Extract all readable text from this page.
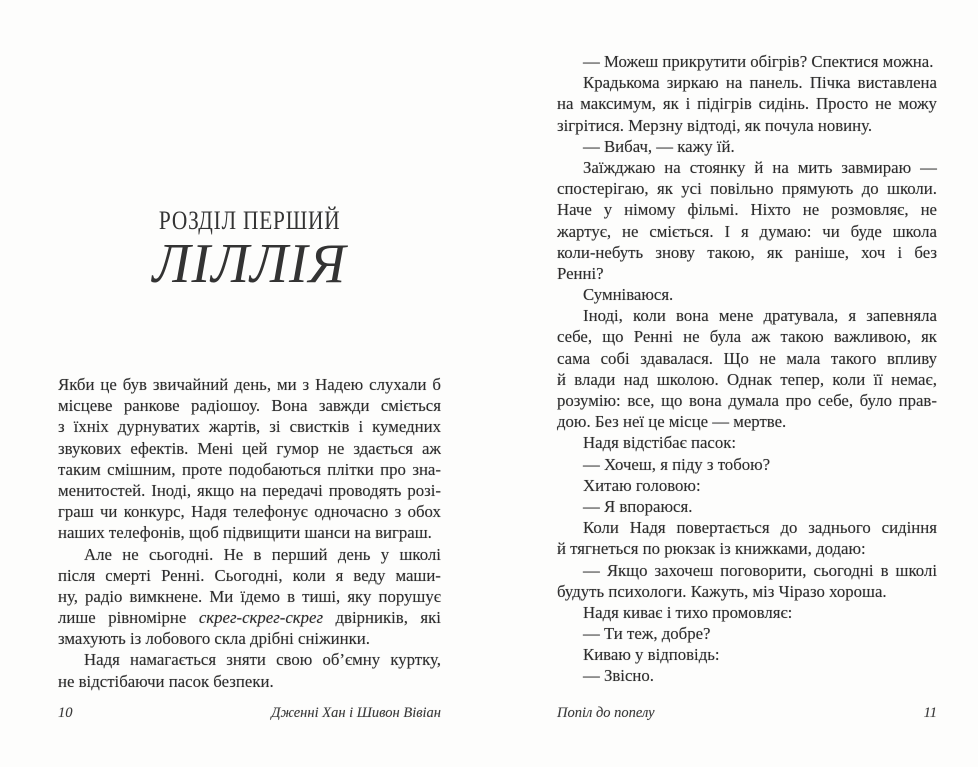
РОЗДІЛ ПЕРШИЙ
ЛІЛЛІЯ
Якби це був звичайний день, ми з Надею слухали б
місцеве ранкове радіошоу. Вона завжди сміється
з їхніх дурнуватих жартів, зі свистків і кумедних
звукових ефектів. Мені цей гумор не здається аж
таким смішним, проте подобаються плітки про зна-
менитостей. Іноді, якщо на передачі проводять розі-
граш чи конкурс, Надя телефонує одночасно з обох
наших телефонів, щоб підвищити шанси на виграш.
Але не сьогодні. Не в перший день у школі
після смерті Ренні. Сьогодні, коли я веду маши-
ну, радіо вимкнене. Ми їдемо в тиші, яку порушує
лише рівномірне скрег-скрег-скрег двірників, які
змахують із лобового скла дрібні сніжинки.
Надя намагається зняти свою об’ємну куртку,
не відстібаючи пасок безпеки.
10	Дженні Хан і Шивон Вівіан
— Можеш прикрутити обігрів? Спектися можна.
Крадькома зиркаю на панель. Пічка виставлена
на максимум, як і підігрів сидінь. Просто не можу
зігрітися. Мерзну відтоді, як почула новину.
— Вибач, — кажу їй.
Заїжджаю на стоянку й на мить завмираю —
спостерігаю, як усі повільно прямують до школи.
Наче у німому фільмі. Ніхто не розмовляє, не
жартує, не сміється. І я думаю: чи буде школа
коли-небуть знову такою, як раніше, хоч і без
Ренні?
Сумніваюся.
Іноді, коли вона мене дратувала, я запевняла
себе, що Ренні не була аж такою важливою, як
сама собі здавалася. Що не мала такого впливу
й влади над школою. Однак тепер, коли її немає,
розумію: все, що вона думала про себе, було прав-
дою. Без неї це місце — мертве.
Надя відстібає пасок:
— Хочеш, я піду з тобою?
Хитаю головою:
— Я впораюся.
Коли Надя повертається до заднього сидіння
й тягнеться по рюкзак із книжками, додаю:
— Якщо захочеш поговорити, сьогодні в школі
будуть психологи. Кажуть, міз Чіразо хороша.
Надя киває і тихо промовляє:
— Ти теж, добре?
Киваю у відповідь:
— Звісно.
Попіл до попелу	11
